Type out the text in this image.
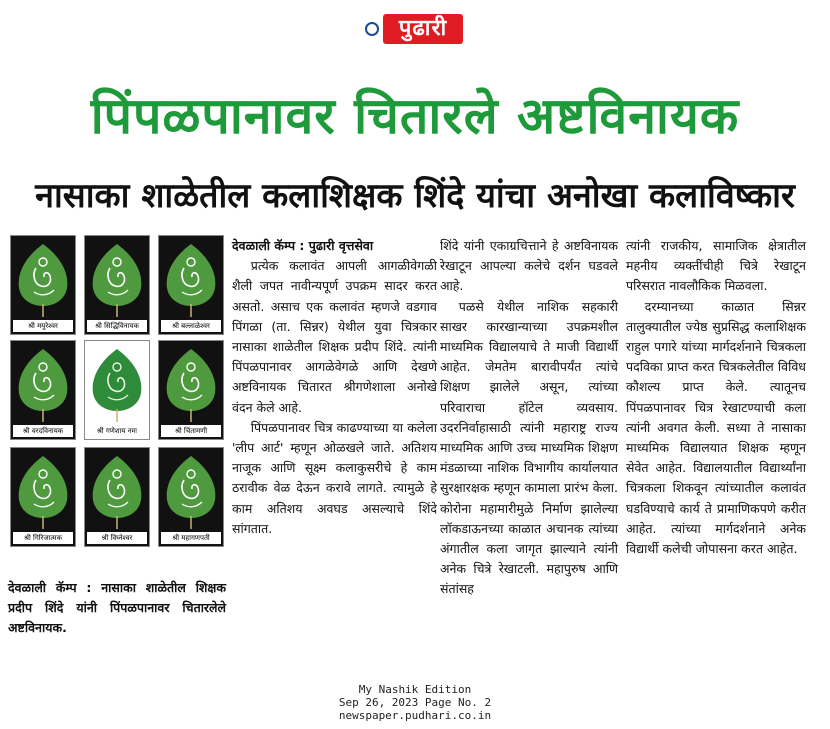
पुढारी
पिंपळपानावर चितारले अष्टविनायक
नासाका शाळेतील कलाशिक्षक शिंदे यांचा अनोखा कलाविष्कार
श्री मयुरेश्वर	श्री सिद्धिविनायक	श्री बल्लाळेश्वर
श्री वरदविनायक	श्री गणेशाय नमः	श्री चिंतामणी
श्री गिरिजात्मक	श्री विघ्नेश्वर	श्री महागणपती
देवळाली कॅम्प : नासाका शाळेतील शिक्षक प्रदीप शिंदे यांनी पिंपळपानावर चितारलेले अष्टविनायक.

देवळाली कॅम्प : पुढारी वृत्तसेवा

प्रत्येक कलावंत आपली आगळीवेगळी शैली जपत नावीन्यपूर्ण उपक्रम सादर करत असतो. असाच एक कलावंत म्हणजे वडगाव पिंगळा (ता. सिन्नर) येथील युवा चित्रकार नासाका शाळेतील शिक्षक प्रदीप शिंदे. त्यांनी पिंपळपानावर आगळेवेगळे आणि देखणे अष्टविनायक चितारत श्रीगणेशाला अनोखे वंदन केले आहे.

पिंपळपानावर चित्र काढण्याच्या या कलेला 'लीप आर्ट' म्हणून ओळखले जाते. अतिशय नाजूक आणि सूक्ष्म कलाकुसरीचे हे काम ठरावीक वेळ देऊन करावे लागते. त्यामुळे हे काम अतिशय अवघड असल्याचे शिंदे सांगतात.

शिंदे यांनी एकाग्रचित्ताने हे अष्टविनायक रेखाटून आपल्या कलेचे दर्शन घडवले आहे.

पळसे येथील नाशिक सहकारी साखर कारखान्याच्या उपक्रमशील माध्यमिक विद्यालयाचे ते माजी विद्यार्थी आहेत. जेमतेम बारावीपर्यंत त्यांचे शिक्षण झालेले असून, त्यांच्या परिवाराचा हॉटेल व्यवसाय. उदरनिर्वाहासाठी त्यांनी महाराष्ट्र राज्य माध्यमिक आणि उच्च माध्यमिक शिक्षण मंडळाच्या नाशिक विभागीय कार्यालयात सुरक्षारक्षक म्हणून कामाला प्रारंभ केला. कोरोना महामारीमुळे निर्माण झालेल्या लॉकडाऊनच्या काळात अचानक त्यांच्या अंगातील कला जागृत झाल्याने त्यांनी अनेक चित्रे रेखाटली. महापुरुष आणि संतांसह

त्यांनी राजकीय, सामाजिक क्षेत्रातील महनीय व्यक्तींचीही चित्रे रेखाटून परिसरात नावलौकिक मिळवला.

दरम्यानच्या काळात सिन्नर तालुक्यातील ज्येष्ठ सुप्रसिद्ध कलाशिक्षक राहुल पगारे यांच्या मार्गदर्शनाने चित्रकला पदविका प्राप्त करत चित्रकलेतील विविध कौशल्य प्राप्त केले. त्यातूनच पिंपळपानावर चित्र रेखाटण्याची कला त्यांनी अवगत केली. सध्या ते नासाका माध्यमिक विद्यालयात शिक्षक म्हणून सेवेत आहेत. विद्यालयातील विद्यार्थ्यांना चित्रकला शिकवून त्यांच्यातील कलावंत घडविण्याचे कार्य ते प्रामाणिकपणे करीत आहेत. त्यांच्या मार्गदर्शनाने अनेक विद्यार्थी कलेची जोपासना करत आहेत.

My Nashik Edition
Sep 26, 2023 Page No. 2
newspaper.pudhari.co.in
